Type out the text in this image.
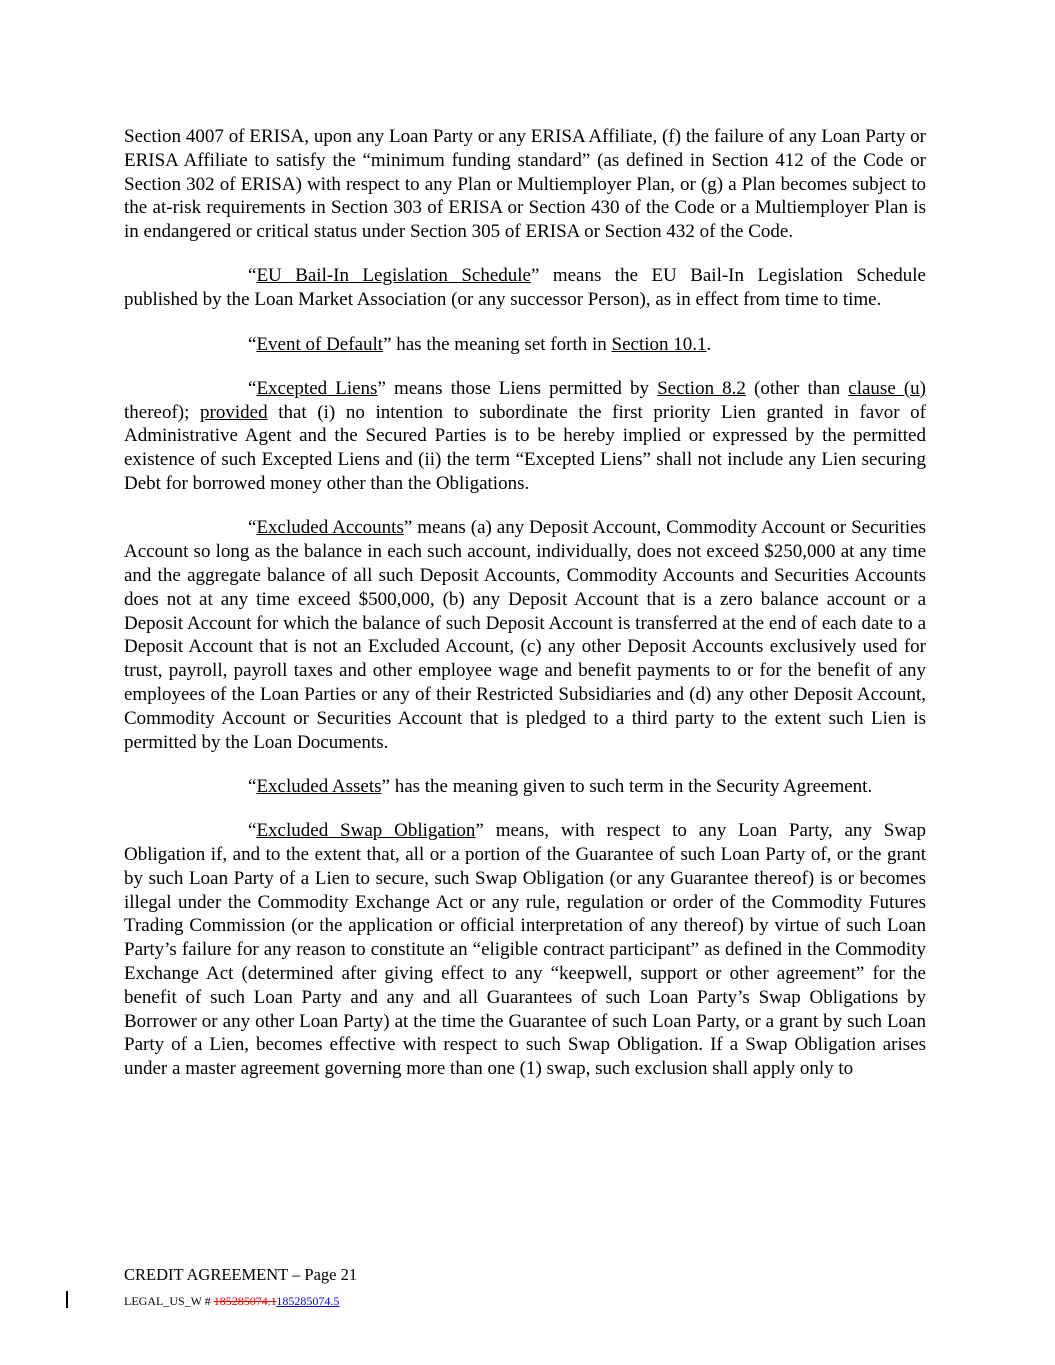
Section 4007 of ERISA, upon any Loan Party or any ERISA Affiliate, (f) the failure of any Loan Party or ERISA Affiliate to satisfy the “minimum funding standard” (as defined in Section 412 of the Code or Section 302 of ERISA) with respect to any Plan or Multiemployer Plan, or (g) a Plan becomes subject to the at-risk requirements in Section 303 of ERISA or Section 430 of the Code or a Multiemployer Plan is in endangered or critical status under Section 305 of ERISA or Section 432 of the Code.

“EU Bail-In Legislation Schedule” means the EU Bail-In Legislation Schedule published by the Loan Market Association (or any successor Person), as in effect from time to time.

“Event of Default” has the meaning set forth in Section 10.1.

“Excepted Liens” means those Liens permitted by Section 8.2 (other than clause (u) thereof); provided that (i) no intention to subordinate the first priority Lien granted in favor of Administrative Agent and the Secured Parties is to be hereby implied or expressed by the permitted existence of such Excepted Liens and (ii) the term “Excepted Liens” shall not include any Lien securing Debt for borrowed money other than the Obligations.

“Excluded Accounts” means (a) any Deposit Account, Commodity Account or Securities Account so long as the balance in each such account, individually, does not exceed $250,000 at any time and the aggregate balance of all such Deposit Accounts, Commodity Accounts and Securities Accounts does not at any time exceed $500,000, (b) any Deposit Account that is a zero balance account or a Deposit Account for which the balance of such Deposit Account is transferred at the end of each date to a Deposit Account that is not an Excluded Account, (c) any other Deposit Accounts exclusively used for trust, payroll, payroll taxes and other employee wage and benefit payments to or for the benefit of any employees of the Loan Parties or any of their Restricted Subsidiaries and (d) any other Deposit Account, Commodity Account or Securities Account that is pledged to a third party to the extent such Lien is permitted by the Loan Documents.

“Excluded Assets” has the meaning given to such term in the Security Agreement.

“Excluded Swap Obligation” means, with respect to any Loan Party, any Swap Obligation if, and to the extent that, all or a portion of the Guarantee of such Loan Party of, or the grant by such Loan Party of a Lien to secure, such Swap Obligation (or any Guarantee thereof) is or becomes illegal under the Commodity Exchange Act or any rule, regulation or order of the Commodity Futures Trading Commission (or the application or official interpretation of any thereof) by virtue of such Loan Party’s failure for any reason to constitute an “eligible contract participant” as defined in the Commodity Exchange Act (determined after giving effect to any “keepwell, support or other agreement” for the benefit of such Loan Party and any and all Guarantees of such Loan Party’s Swap Obligations by Borrower or any other Loan Party) at the time the Guarantee of such Loan Party, or a grant by such Loan Party of a Lien, becomes effective with respect to such Swap Obligation. If a Swap Obligation arises under a master agreement governing more than one (1) swap, such exclusion shall apply only to

CREDIT AGREEMENT – Page 21
LEGAL_US_W # 185285074.1185285074.5
